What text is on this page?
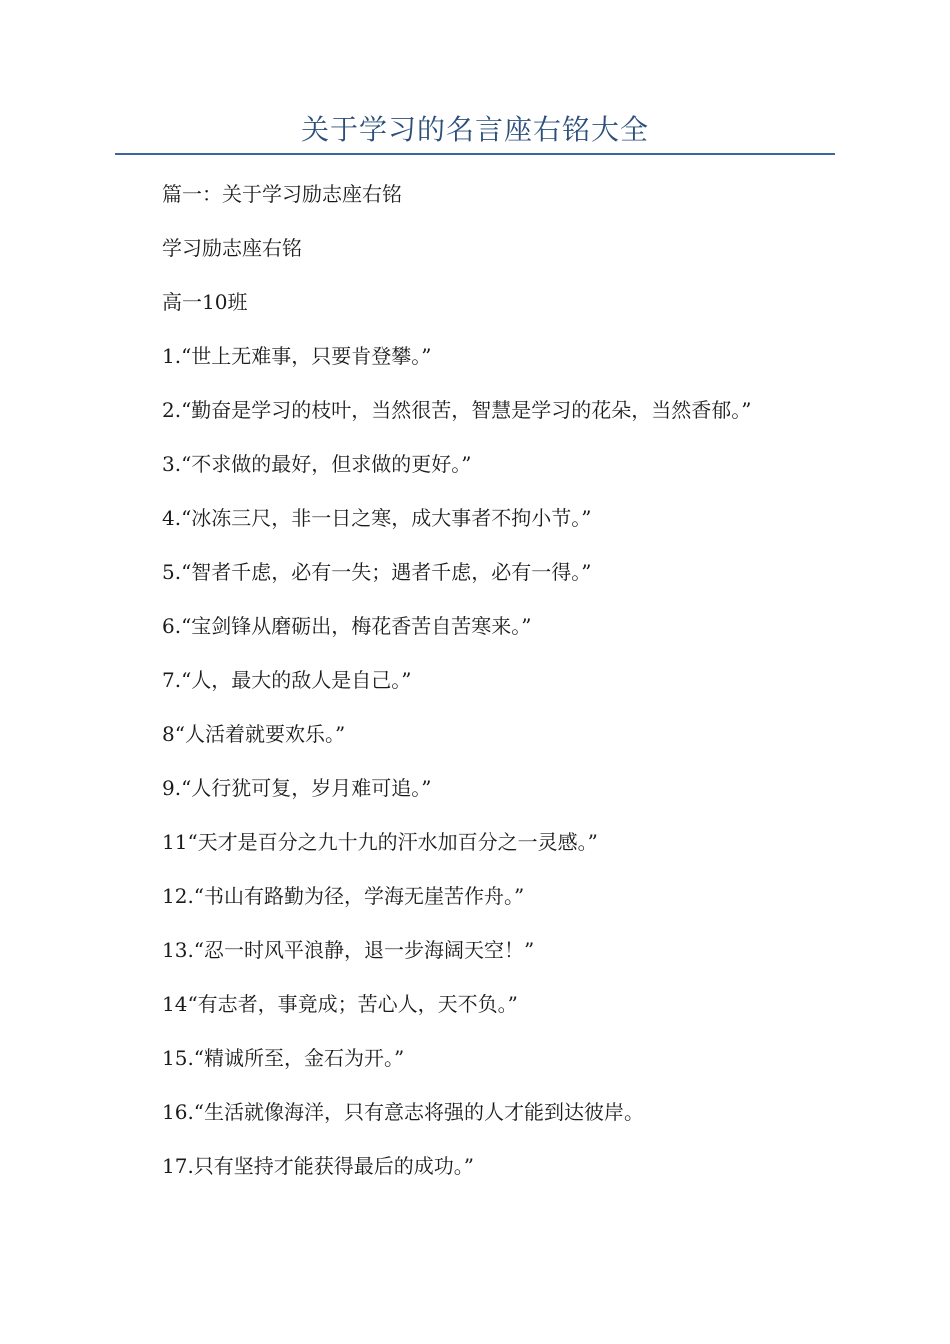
关于学习的名言座右铭大全

篇一：关于学习励志座右铭

学习励志座右铭

高一10班

1.“世上无难事，只要肯登攀。”

2.“勤奋是学习的枝叶，当然很苦，智慧是学习的花朵，当然香郁。”

3.“不求做的最好，但求做的更好。”

4.“冰冻三尺，非一日之寒，成大事者不拘小节。”

5.“智者千虑，必有一失；遇者千虑，必有一得。”

6.“宝剑锋从磨砺出，梅花香苦自苦寒来。”

7.“人，最大的敌人是自己。”

8“人活着就要欢乐。”

9.“人行犹可复，岁月难可追。”

11“天才是百分之九十九的汗水加百分之一灵感。”

12.“书山有路勤为径，学海无崖苦作舟。”

13.“忍一时风平浪静，退一步海阔天空！”

14“有志者，事竟成；苦心人，天不负。”

15.“精诚所至，金石为开。”

16.“生活就像海洋，只有意志将强的人才能到达彼岸。

17.只有坚持才能获得最后的成功。”
